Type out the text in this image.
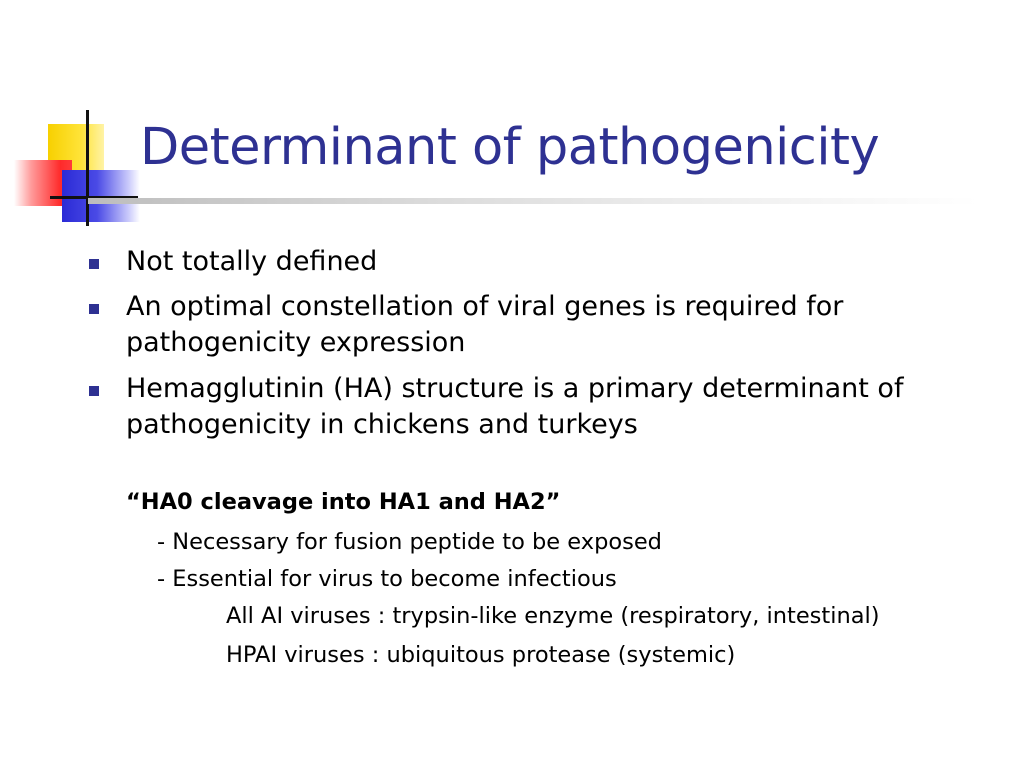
Determinant of pathogenicity
Not totally defined
An optimal constellation of viral genes is required for pathogenicity expression
Hemagglutinin (HA) structure is a primary determinant of pathogenicity in chickens and turkeys
“HA0 cleavage into HA1 and HA2”
- Necessary for fusion peptide to be exposed
- Essential for virus to become infectious
All AI viruses : trypsin-like enzyme (respiratory, intestinal)
HPAI viruses : ubiquitous protease (systemic)
